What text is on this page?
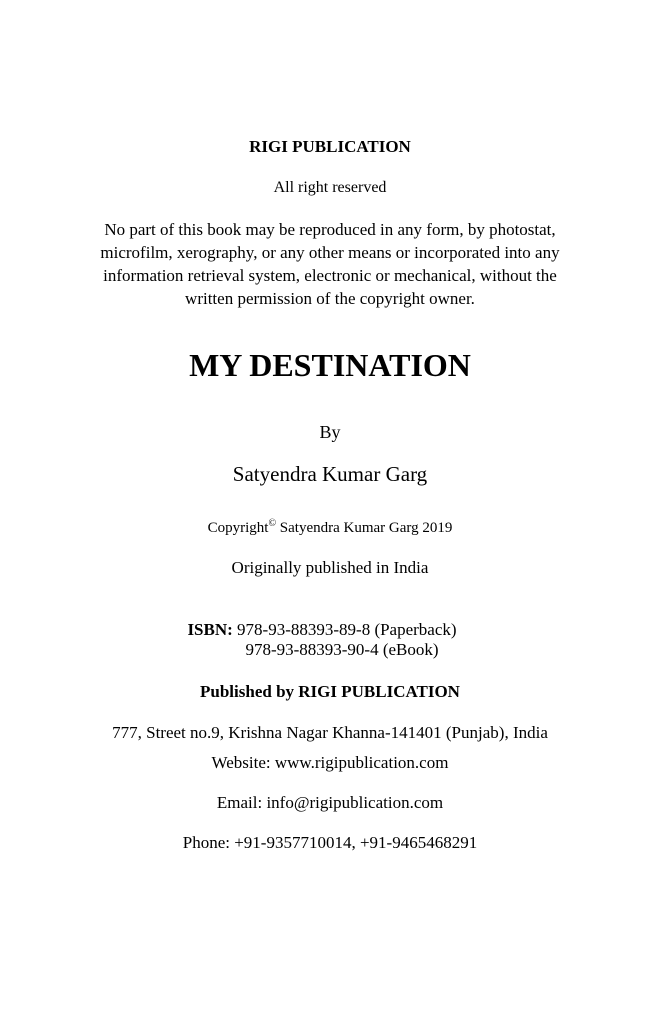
RIGI PUBLICATION
All right reserved
No part of this book may be reproduced in any form, by photostat,
microfilm, xerography, or any other means or incorporated into any
information retrieval system, electronic or mechanical, without the
written permission of the copyright owner.
MY DESTINATION
By
Satyendra Kumar Garg
Copyright© Satyendra Kumar Garg 2019
Originally published in India
ISBN: 978-93-88393-89-8 (Paperback)
978-93-88393-90-4 (eBook)
Published by RIGI PUBLICATION
777, Street no.9, Krishna Nagar Khanna-141401 (Punjab), India
Website: www.rigipublication.com
Email: info@rigipublication.com
Phone: +91-9357710014, +91-9465468291
